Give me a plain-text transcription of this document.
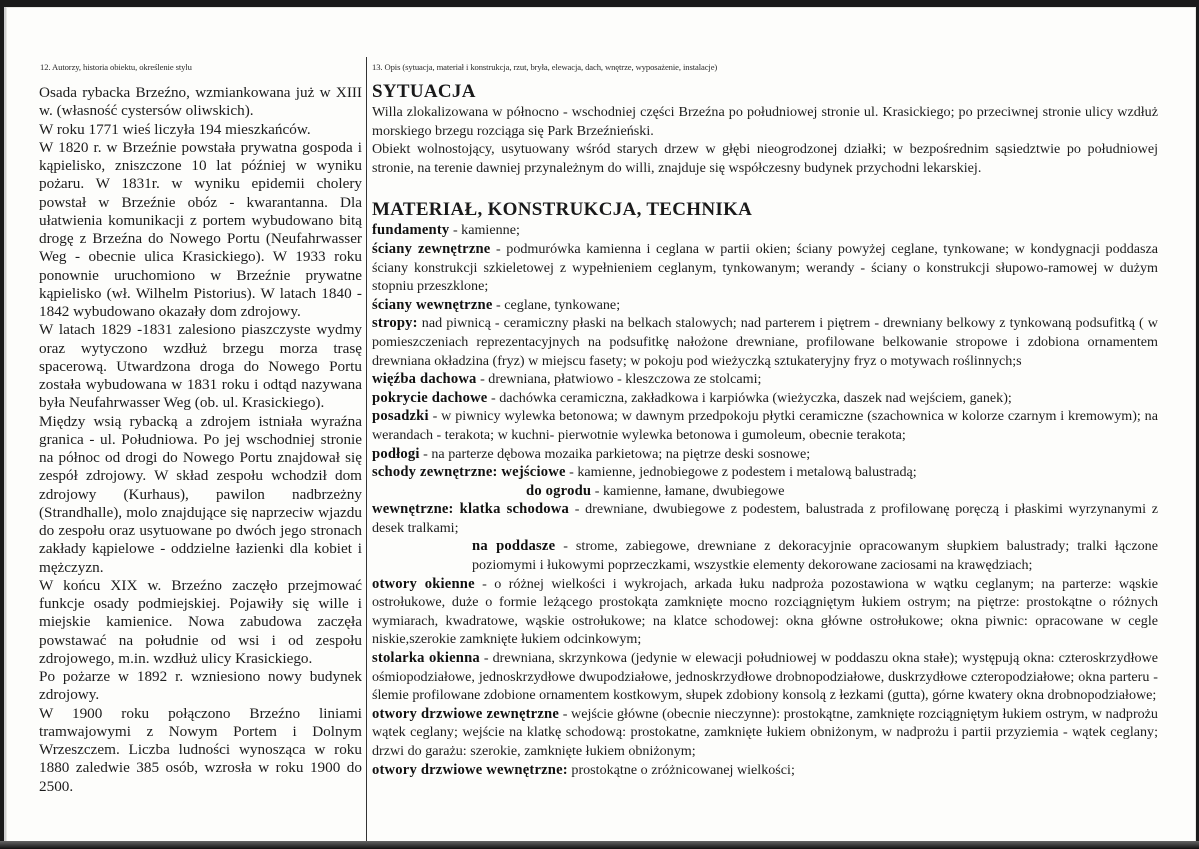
12. Autorzy, historia obiektu, określenie stylu	13. Opis (sytuacja, materiał i konstrukcja, rzut, bryła, elewacja, dach, wnętrze, wyposażenie, instalacje)

Osada rybacka Brzeźno, wzmiankowana już w XIII w. (własność cystersów oliwskich).

W roku 1771 wieś liczyła 194 mieszkańców.

W 1820 r. w Brzeźnie powstała prywatna gospoda i kąpielisko, zniszczone 10 lat później w wyniku pożaru. W 1831r. w wyniku epidemii cholery powstał w Brzeźnie obóz - kwarantanna. Dla ułatwienia komunikacji z portem wybudowano bitą drogę z Brzeźna do Nowego Portu (Neufahrwasser Weg - obecnie ulica Krasickiego). W 1933 roku ponownie uruchomiono w Brzeźnie prywatne kąpielisko (wł. Wilhelm Pistorius). W latach 1840 - 1842 wybudowano okazały dom zdrojowy.

W latach 1829 -1831 zalesiono piaszczyste wydmy oraz wytyczono wzdłuż brzegu morza trasę spacerową. Utwardzona droga do Nowego Portu została wybudowana w 1831 roku i odtąd nazywana była Neufahrwasser Weg (ob. ul. Krasickiego).

Między wsią rybacką a zdrojem istniała wyraźna granica - ul. Południowa. Po jej wschodniej stronie na północ od drogi do Nowego Portu znajdował się zespół zdrojowy. W skład zespołu wchodził dom zdrojowy (Kurhaus), pawilon nadbrzeżny (Strandhalle), molo znajdujące się naprzeciw wjazdu do zespołu oraz usytuowane po dwóch jego stronach zakłady kąpielowe - oddzielne łazienki dla kobiet i mężczyzn.

W końcu XIX w. Brzeźno zaczęło przejmować funkcje osady podmiejskiej. Pojawiły się wille i miejskie kamienice. Nowa zabudowa zaczęła powstawać na południe od wsi i od zespołu zdrojowego, m.in. wzdłuż ulicy Krasickiego.

Po pożarze w 1892 r. wzniesiono nowy budynek zdrojowy.

W 1900 roku połączono Brzeźno liniami tramwajowymi z Nowym Portem i Dolnym Wrzeszczem. Liczba ludności wynosząca w roku 1880 zaledwie 385 osób, wzrosła w roku 1900 do 2500.

SYTUACJA

Willa zlokalizowana w północno - wschodniej części Brzeźna po południowej stronie ul. Krasickiego; po przeciwnej stronie ulicy wzdłuż morskiego brzegu rozciąga się Park Brzeźnieński.

Obiekt wolnostojący, usytuowany wśród starych drzew w głębi nieogrodzonej działki; w bezpośrednim sąsiedztwie po południowej stronie, na terenie dawniej przynależnym do willi, znajduje się współczesny budynek przychodni lekarskiej.

MATERIAŁ, KONSTRUKCJA, TECHNIKA

fundamenty - kamienne;

ściany zewnętrzne - podmurówka kamienna i ceglana w partii okien; ściany powyżej ceglane, tynkowane; w kondygnacji poddasza ściany konstrukcji szkieletowej z wypełnieniem ceglanym, tynkowanym; werandy - ściany o konstrukcji słupowo-ramowej w dużym stopniu przeszklone;

ściany wewnętrzne - ceglane, tynkowane;

stropy: nad piwnicą - ceramiczny płaski na belkach stalowych; nad parterem i piętrem - drewniany belkowy z tynkowaną podsufitką ( w pomieszczeniach reprezentacyjnych na podsufitkę nałożone drewniane, profilowane belkowanie stropowe i zdobiona ornamentem drewniana okładzina (fryz) w miejscu fasety; w pokoju pod wieżyczką sztukateryjny fryz o motywach roślinnych;s

więźba dachowa - drewniana, płatwiowo - kleszczowa ze stolcami;

pokrycie dachowe - dachówka ceramiczna, zakładkowa i karpiówka (wieżyczka, daszek nad wejściem, ganek);

posadzki - w piwnicy wylewka betonowa; w dawnym przedpokoju płytki ceramiczne (szachownica w kolorze czarnym i kremowym); na werandach - terakota; w kuchni- pierwotnie wylewka betonowa i gumoleum, obecnie terakota;

podłogi - na parterze dębowa mozaika parkietowa; na piętrze deski sosnowe;

schody zewnętrzne: wejściowe - kamienne, jednobiegowe z podestem i metalową balustradą;

do ogrodu - kamienne, łamane, dwubiegowe

wewnętrzne: klatka schodowa - drewniane, dwubiegowe z podestem, balustrada z profilowanę poręczą i płaskimi wyrzynanymi z desek tralkami;

na poddasze - strome, zabiegowe, drewniane z dekoracyjnie opracowanym słupkiem balustrady; tralki łączone poziomymi i łukowymi poprzeczkami, wszystkie elementy dekorowane zaciosami na krawędziach;

otwory okienne - o różnej wielkości i wykrojach, arkada łuku nadproża pozostawiona w wątku ceglanym; na parterze: wąskie ostrołukowe, duże o formie leżącego prostokąta zamknięte mocno rozciągniętym łukiem ostrym; na piętrze: prostokątne o różnych wymiarach, kwadratowe, wąskie ostrołukowe; na klatce schodowej: okna główne ostrołukowe; okna piwnic: opracowane w cegle niskie,szerokie zamknięte łukiem odcinkowym;

stolarka okienna - drewniana, skrzynkowa (jedynie w elewacji południowej w poddaszu okna stałe); występują okna: czteroskrzydłowe ośmiopodziałowe, jednoskrzydłowe dwupodziałowe, jednoskrzydłowe drobnopodziałowe, duskrzydłowe czteropodziałowe; okna parteru - ślemie profilowane zdobione ornamentem kostkowym, słupek zdobiony konsolą z łezkami (gutta), górne kwatery okna drobnopodziałowe;

otwory drzwiowe zewnętrzne - wejście główne (obecnie nieczynne): prostokątne, zamknięte rozciągniętym łukiem ostrym, w nadprożu wątek ceglany; wejście na klatkę schodową: prostokatne, zamknięte łukiem obniżonym, w nadprożu i partii przyziemia - wątek ceglany; drzwi do garażu: szerokie, zamknięte łukiem obniżonym;

otwory drzwiowe wewnętrzne: prostokątne o zróżnicowanej wielkości;
